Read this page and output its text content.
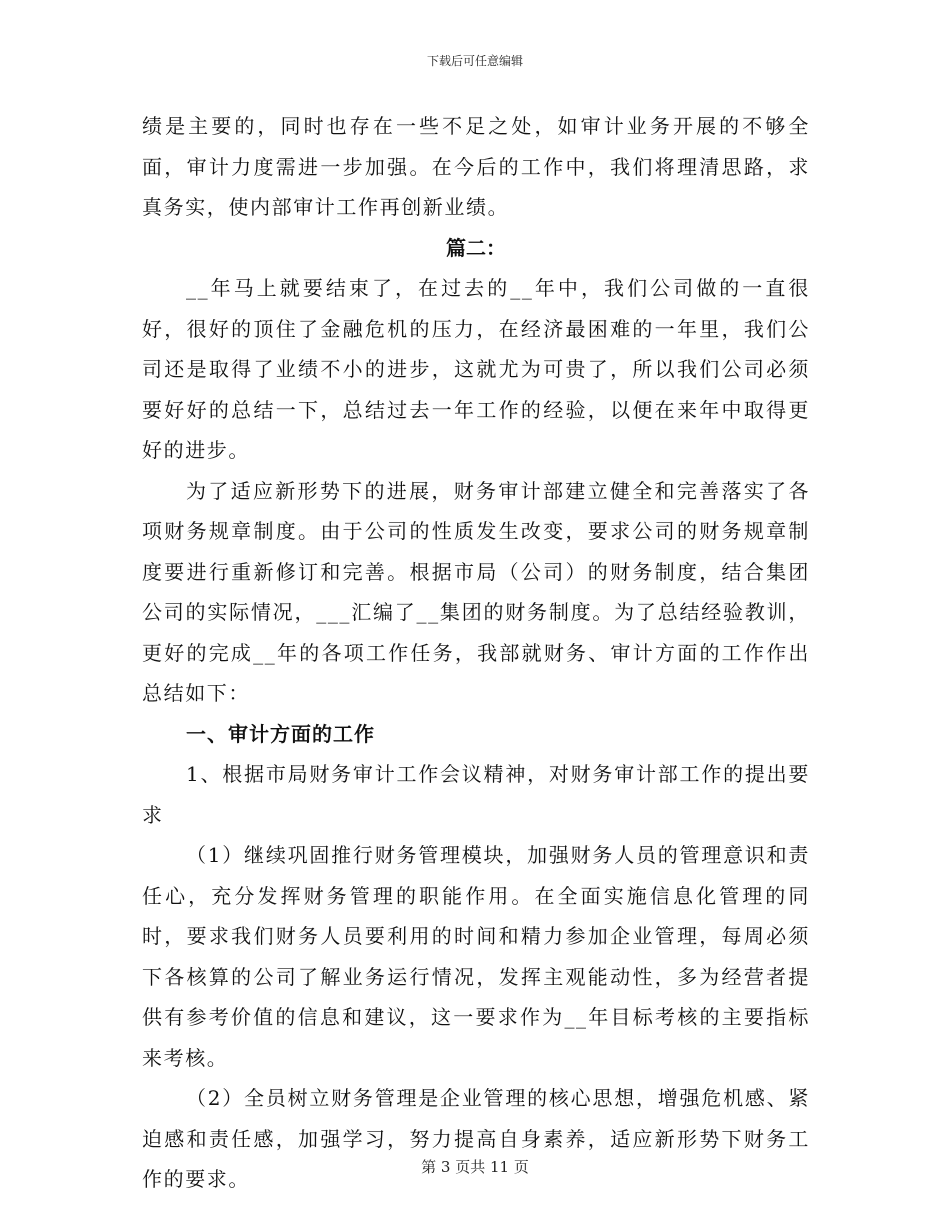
下载后可任意编辑

绩是主要的，同时也存在一些不足之处，如审计业务开展的不够全面，审计力度需进一步加强。在今后的工作中，我们将理清思路，求真务实，使内部审计工作再创新业绩。

篇二：

__年马上就要结束了，在过去的__年中，我们公司做的一直很好，很好的顶住了金融危机的压力，在经济最困难的一年里，我们公司还是取得了业绩不小的进步，这就尤为可贵了，所以我们公司必须要好好的总结一下，总结过去一年工作的经验，以便在来年中取得更好的进步。

为了适应新形势下的进展，财务审计部建立健全和完善落实了各项财务规章制度。由于公司的性质发生改变，要求公司的财务规章制度要进行重新修订和完善。根据市局（公司）的财务制度，结合集团公司的实际情况，___汇编了__集团的财务制度。为了总结经验教训，更好的完成__年的各项工作任务，我部就财务、审计方面的工作作出总结如下：

一、审计方面的工作

1、根据市局财务审计工作会议精神，对财务审计部工作的提出要求

（1）继续巩固推行财务管理模块，加强财务人员的管理意识和责任心，充分发挥财务管理的职能作用。在全面实施信息化管理的同时，要求我们财务人员要利用的时间和精力参加企业管理，每周必须下各核算的公司了解业务运行情况，发挥主观能动性，多为经营者提供有参考价值的信息和建议，这一要求作为__年目标考核的主要指标来考核。

（2）全员树立财务管理是企业管理的核心思想，增强危机感、紧迫感和责任感，加强学习，努力提高自身素养，适应新形势下财务工作的要求。	第 3 页共 11 页
